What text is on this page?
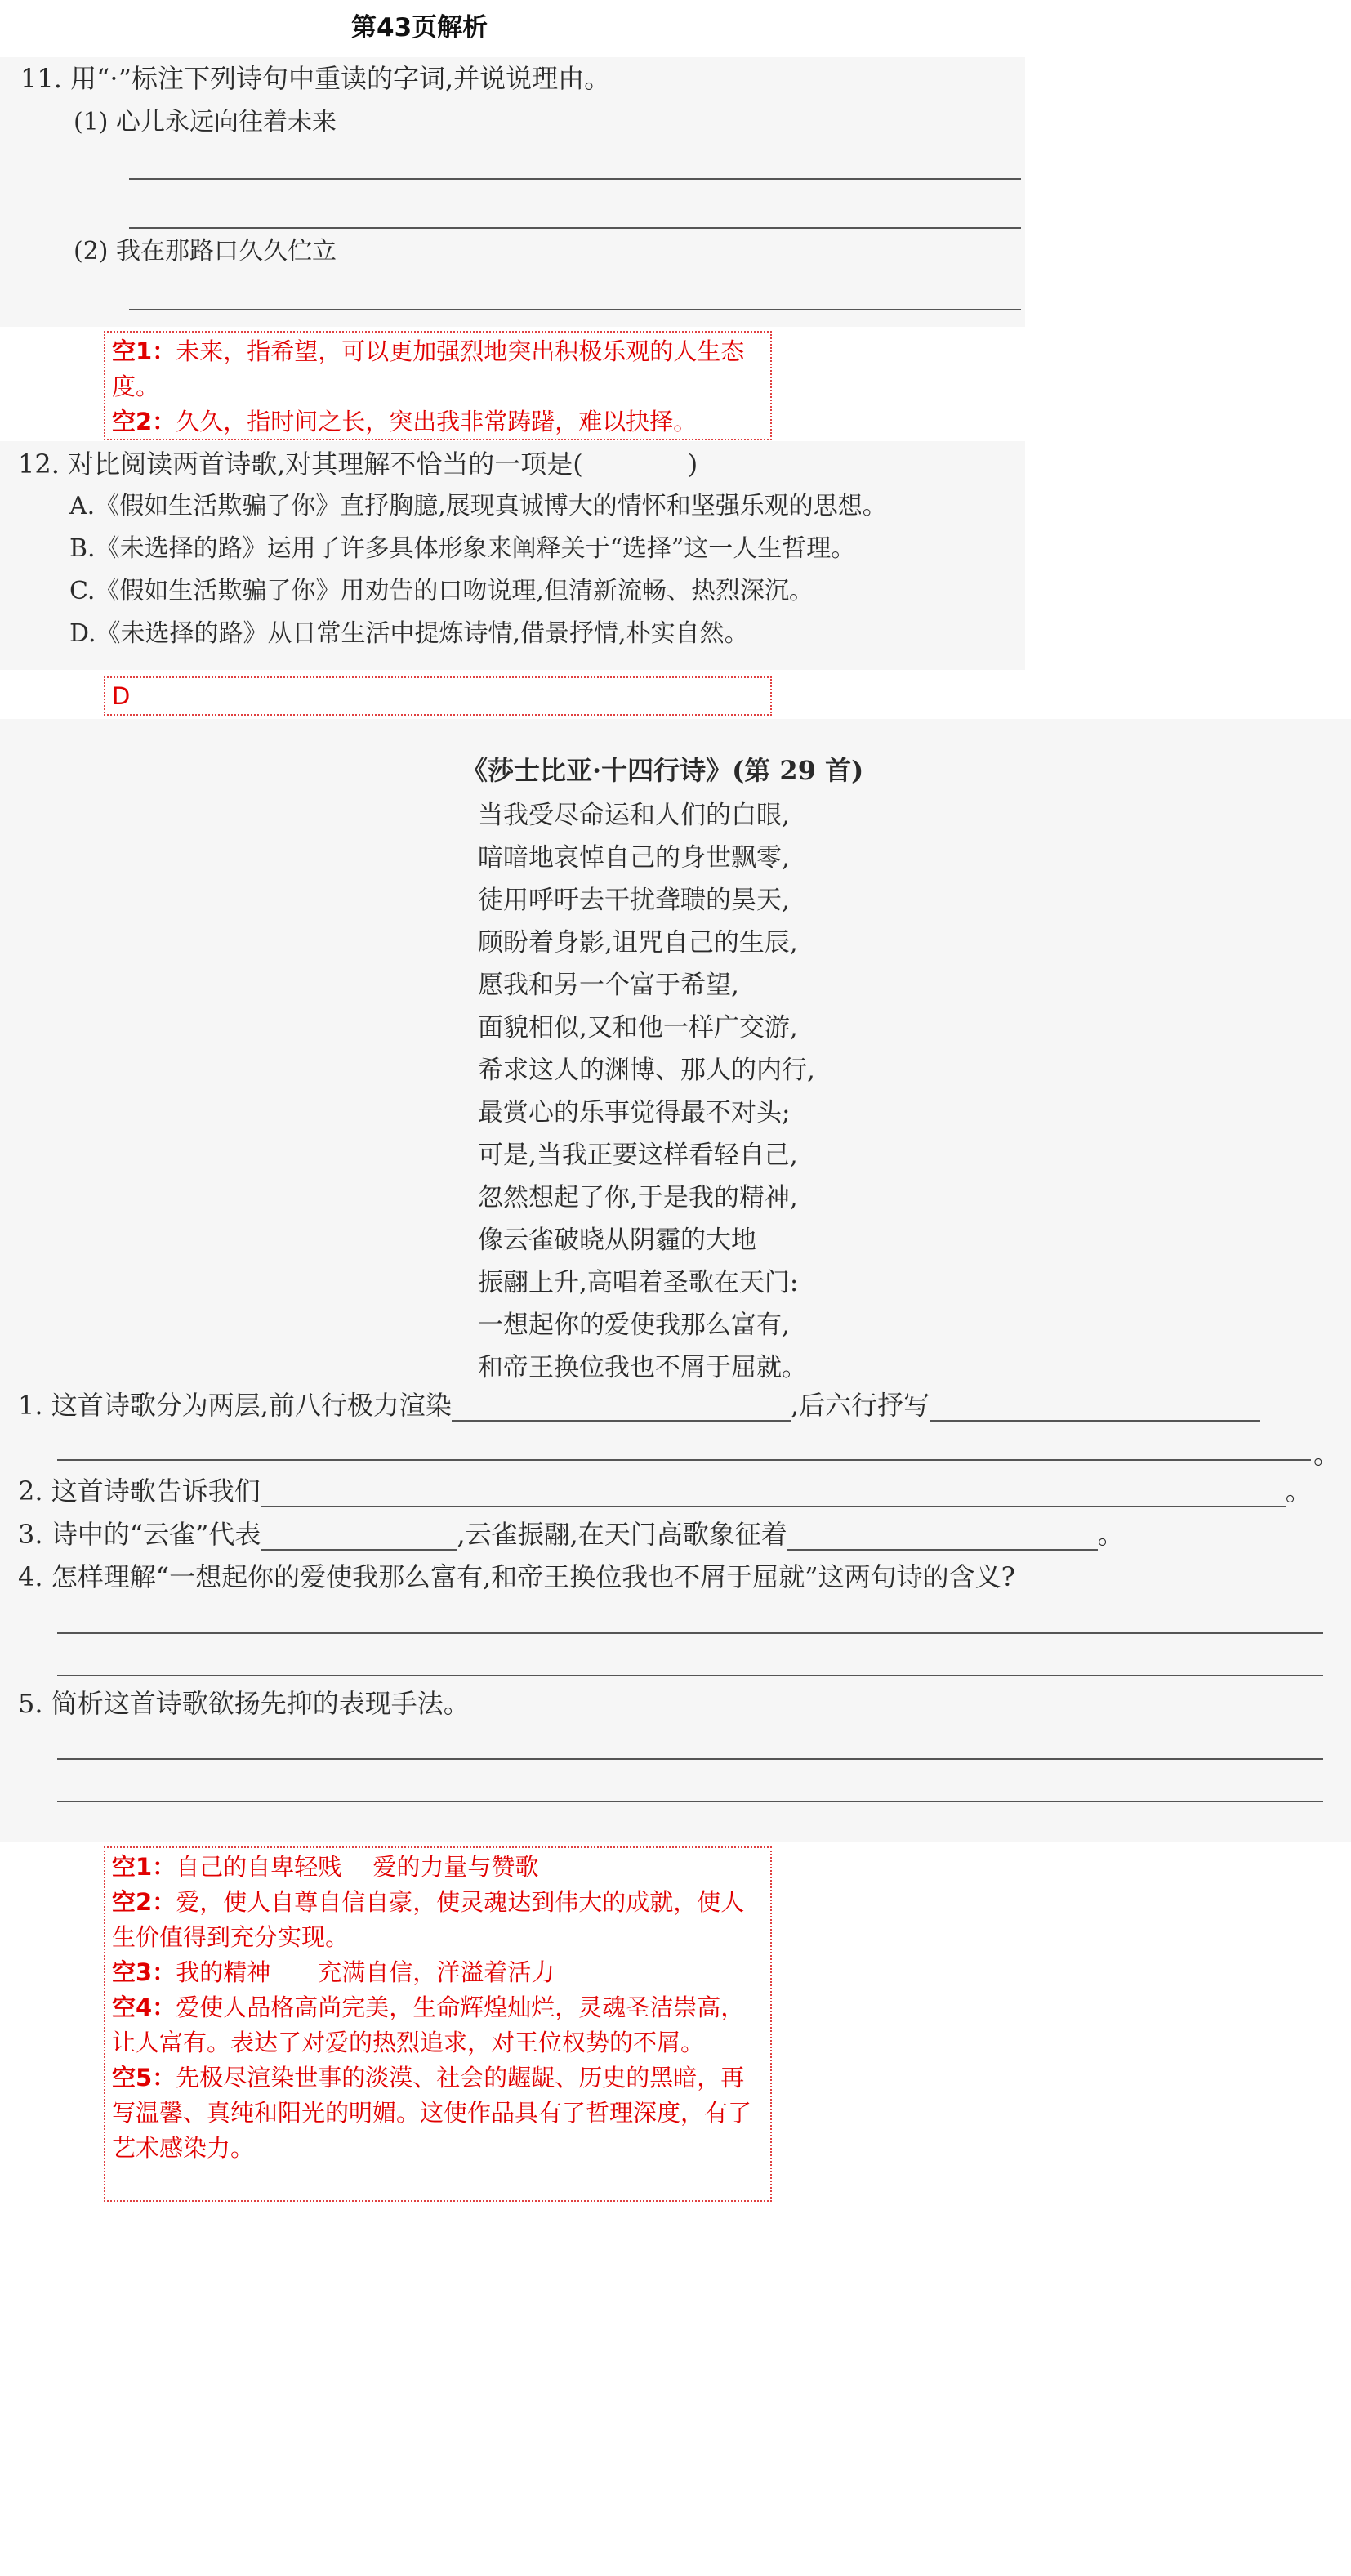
第43页解析
11. 用“·”标注下列诗句中重读的字词,并说说理由。
(1) 心儿永远向往着未来
(2) 我在那路口久久伫立

空1：未来，指希望，可以更加强烈地突出积极乐观的人生态度。

空2：久久，指时间之长，突出我非常踌躇，难以抉择。

12. 对比阅读两首诗歌,对其理解不恰当的一项是(　　　　)
A.《假如生活欺骗了你》直抒胸臆,展现真诚博大的情怀和坚强乐观的思想。
B.《未选择的路》运用了许多具体形象来阐释关于“选择”这一人生哲理。
C.《假如生活欺骗了你》用劝告的口吻说理,但清新流畅、热烈深沉。
D.《未选择的路》从日常生活中提炼诗情,借景抒情,朴实自然。
D
《莎士比亚·十四行诗》(第 29 首)
当我受尽命运和人们的白眼,
暗暗地哀悼自己的身世飘零,
徒用呼吁去干扰聋聩的昊天,
顾盼着身影,诅咒自己的生辰,
愿我和另一个富于希望,
面貌相似,又和他一样广交游,
希求这人的渊博、那人的内行,
最赏心的乐事觉得最不对头;
可是,当我正要这样看轻自己,
忽然想起了你,于是我的精神,
像云雀破晓从阴霾的大地
振翮上升,高唱着圣歌在天门:
一想起你的爱使我那么富有,
和帝王换位我也不屑于屈就。
1. 这首诗歌分为两层,前八行极力渲染	,后六行抒写
。
2. 这首诗歌告诉我们	。
3. 诗中的“云雀”代表	,云雀振翮,在天门高歌象征着	。
4. 怎样理解“一想起你的爱使我那么富有,和帝王换位我也不屑于屈就”这两句诗的含义?
5. 简析这首诗歌欲扬先抑的表现手法。

空1：自己的自卑轻贱　 爱的力量与赞歌

空2：爱，使人自尊自信自豪，使灵魂达到伟大的成就，使人生价值得到充分实现。

空3：我的精神　　充满自信，洋溢着活力

空4：爱使人品格高尚完美，生命辉煌灿烂，灵魂圣洁崇高，让人富有。表达了对爱的热烈追求，对王位权势的不屑。

空5：先极尽渲染世事的淡漠、社会的龌龊、历史的黑暗，再写温馨、真纯和阳光的明媚。这使作品具有了哲理深度，有了艺术感染力。
